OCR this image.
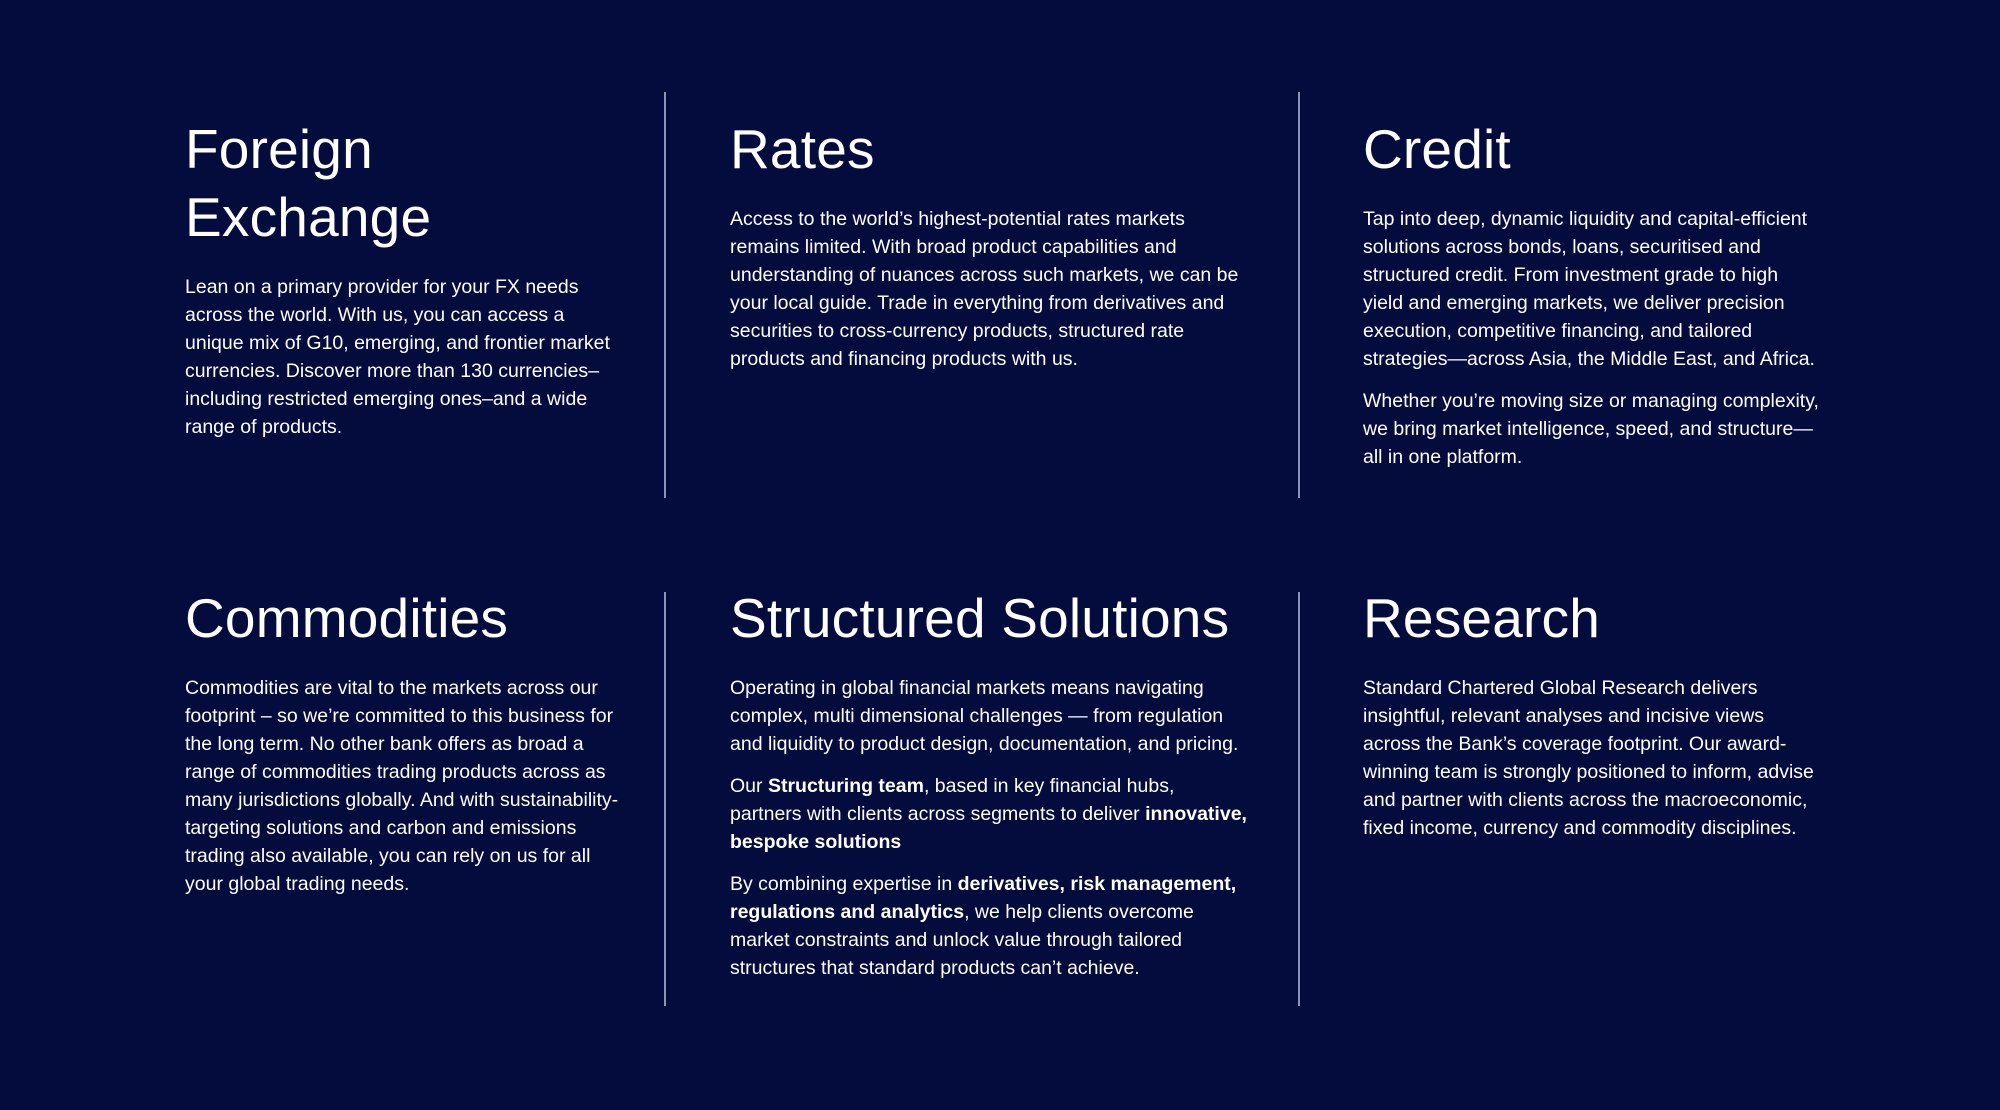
Foreign
Exchange

Lean on a primary provider for your FX needs across the world. With us, you can access a unique mix of G10, emerging, and frontier market currencies. Discover more than 130 currencies–including restricted emerging ones–and a wide range of products.

Rates

Access to the world’s highest-potential rates markets remains limited. With broad product capabilities and understanding of nuances across such markets, we can be your local guide. Trade in everything from derivatives and securities to cross-currency products, structured rate products and financing products with us.

Credit

Tap into deep, dynamic liquidity and capital-efficient solutions across bonds, loans, securitised and structured credit. From investment grade to high yield and emerging markets, we deliver precision execution, competitive financing, and tailored strategies—across Asia, the Middle East, and Africa.

Whether you’re moving size or managing complexity, we bring market intelligence, speed, and structure—all in one platform.

Commodities

Commodities are vital to the markets across our footprint – so we’re committed to this business for the long term. No other bank offers as broad a range of commodities trading products across as many jurisdictions globally. And with sustainability-targeting solutions and carbon and emissions trading also available, you can rely on us for all your global trading needs.

Structured Solutions

Operating in global financial markets means navigating complex, multi dimensional challenges — from regulation and liquidity to product design, documentation, and pricing.

Our Structuring team, based in key financial hubs, partners with clients across segments to deliver innovative, bespoke solutions

By combining expertise in derivatives, risk management, regulations and analytics, we help clients overcome market constraints and unlock value through tailored structures that standard products can’t achieve.

Research

Standard Chartered Global Research delivers insightful, relevant analyses and incisive views across the Bank’s coverage footprint. Our award-winning team is strongly positioned to inform, advise and partner with clients across the macroeconomic, fixed income, currency and commodity disciplines.
